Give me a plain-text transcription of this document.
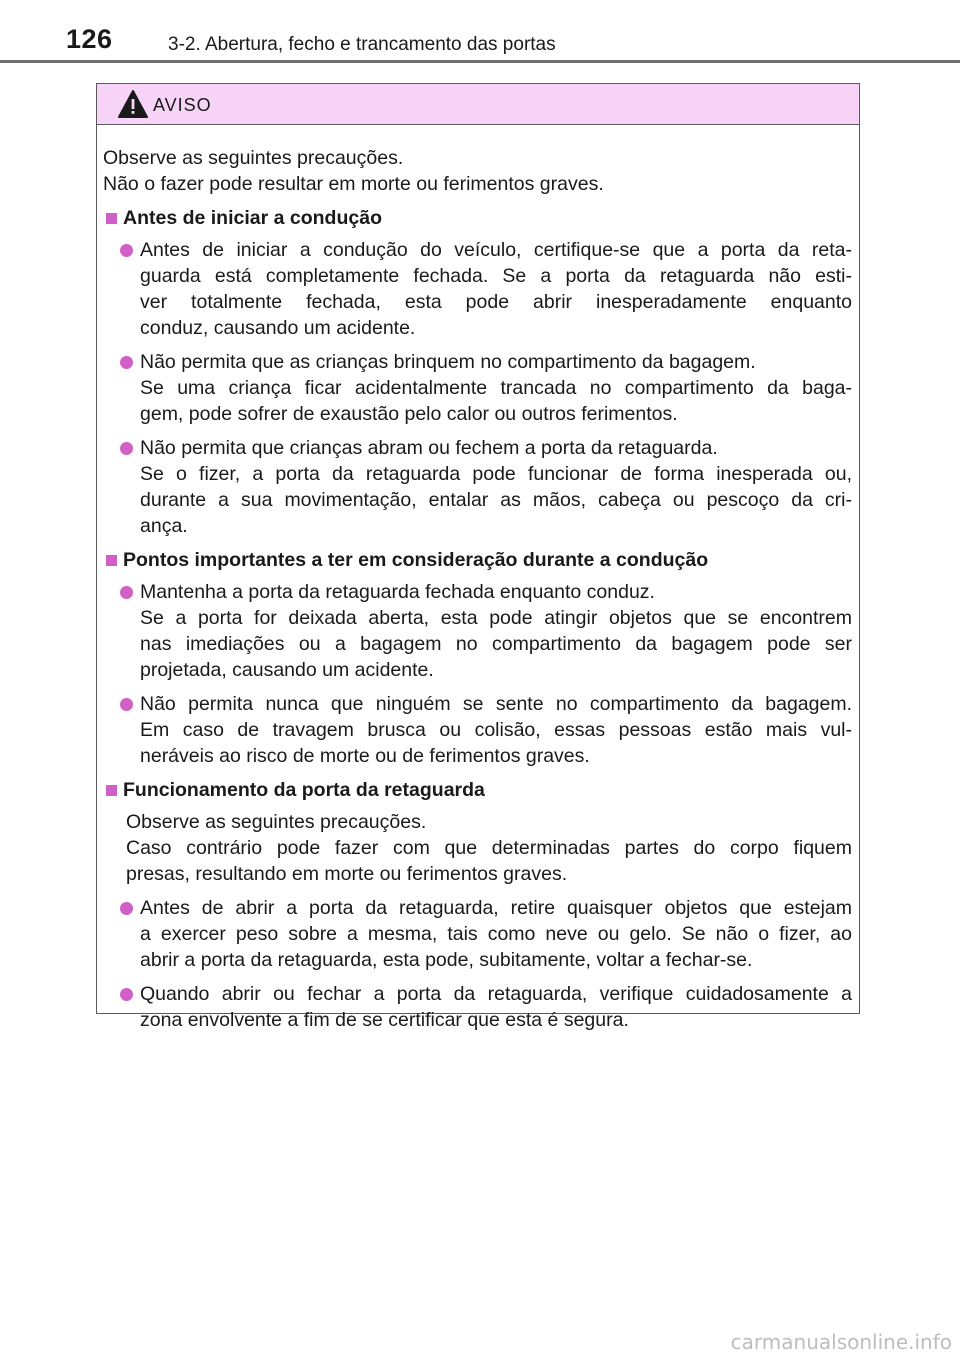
126	3-2. Abertura, fecho e trancamento das portas
AVISO
Observe as seguintes precauções.
Não o fazer pode resultar em morte ou ferimentos graves.
Antes de iniciar a condução
Antes de iniciar a condução do veículo, certifique-se que a porta da reta-
guarda está completamente fechada. Se a porta da retaguarda não esti-
ver totalmente fechada, esta pode abrir inesperadamente enquanto
conduz, causando um acidente.
Não permita que as crianças brinquem no compartimento da bagagem.
Se uma criança ficar acidentalmente trancada no compartimento da baga-
gem, pode sofrer de exaustão pelo calor ou outros ferimentos.
Não permita que crianças abram ou fechem a porta da retaguarda.
Se o fizer, a porta da retaguarda pode funcionar de forma inesperada ou,
durante a sua movimentação, entalar as mãos, cabeça ou pescoço da cri-
ança.
Pontos importantes a ter em consideração durante a condução
Mantenha a porta da retaguarda fechada enquanto conduz.
Se a porta for deixada aberta, esta pode atingir objetos que se encontrem
nas imediações ou a bagagem no compartimento da bagagem pode ser
projetada, causando um acidente.
Não permita nunca que ninguém se sente no compartimento da bagagem.
Em caso de travagem brusca ou colisão, essas pessoas estão mais vul-
neráveis ao risco de morte ou de ferimentos graves.
Funcionamento da porta da retaguarda
Observe as seguintes precauções.
Caso contrário pode fazer com que determinadas partes do corpo fiquem
presas, resultando em morte ou ferimentos graves.
Antes de abrir a porta da retaguarda, retire quaisquer objetos que estejam
a exercer peso sobre a mesma, tais como neve ou gelo. Se não o fizer, ao
abrir a porta da retaguarda, esta pode, subitamente, voltar a fechar-se.
Quando abrir ou fechar a porta da retaguarda, verifique cuidadosamente a
zona envolvente a fim de se certificar que esta é segura.
carmanualsonline.info
